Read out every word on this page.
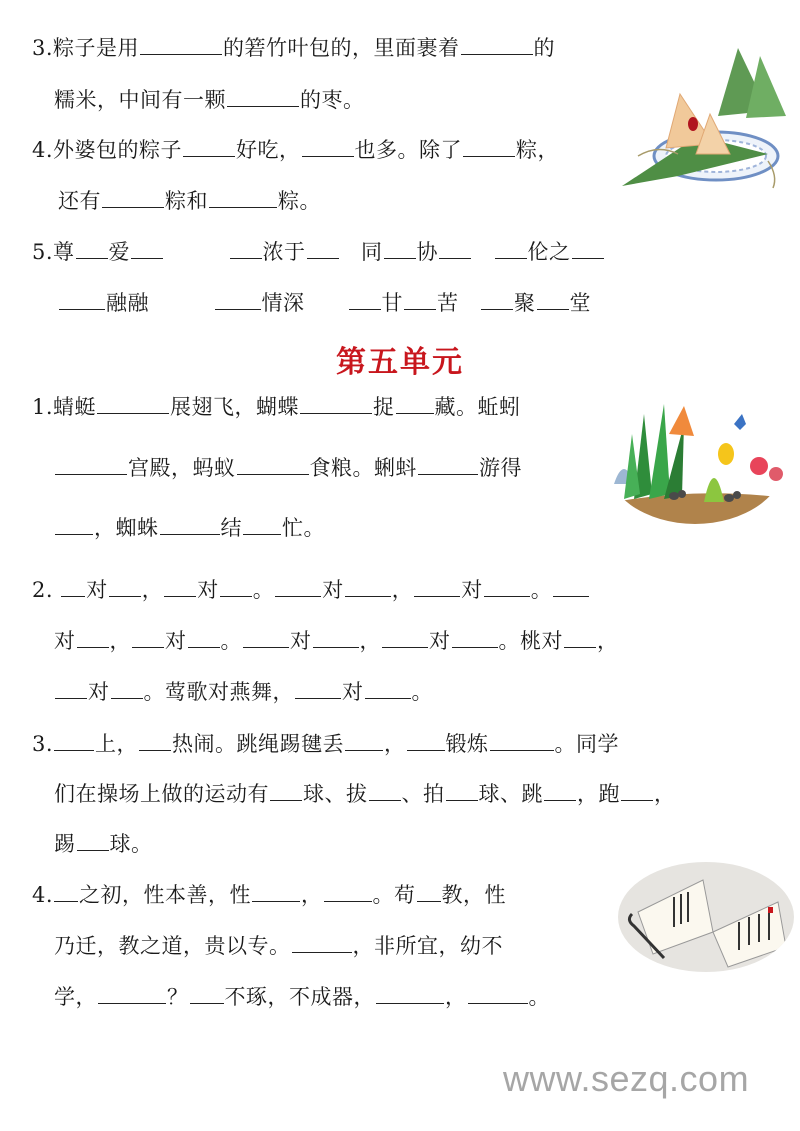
3.粽子是用	的箬竹叶包的，里面裹着	的
糯米，中间有一颗	的枣。
4.外婆包的粽子	好吃，	也多。除了	粽，
还有	粽和	粽。
5.尊 爱　　　	浓于　	同 协　	伦之
融融　　　	情深　　	甘 苦　	聚 堂
1.蜻蜓	展翅飞，蝴蝶	捉 藏。蚯蚓
宫殿，蚂蚁	食粮。蜊蚪	游得
，蜘蛛	结 忙。
2. 对 ， 对 。 对 ， 对 。
对 ， 对 。 对 ， 对 。桃对 ，
对 。莺歌对燕舞， 对 。
3. 上， 热闹。跳绳踢毽丢 ， 锻炼	。同学
们在操场上做的运动有 球、拔 、拍 球、跳 ，跑 ，
踢 球。
4. 之初，性本善，性 ， 。苟 教，性
乃迁，教之道，贵以专。	，非所宜，幼不
学，	？ 不琢，不成器，	，	。
第五单元
www.sezq.com
